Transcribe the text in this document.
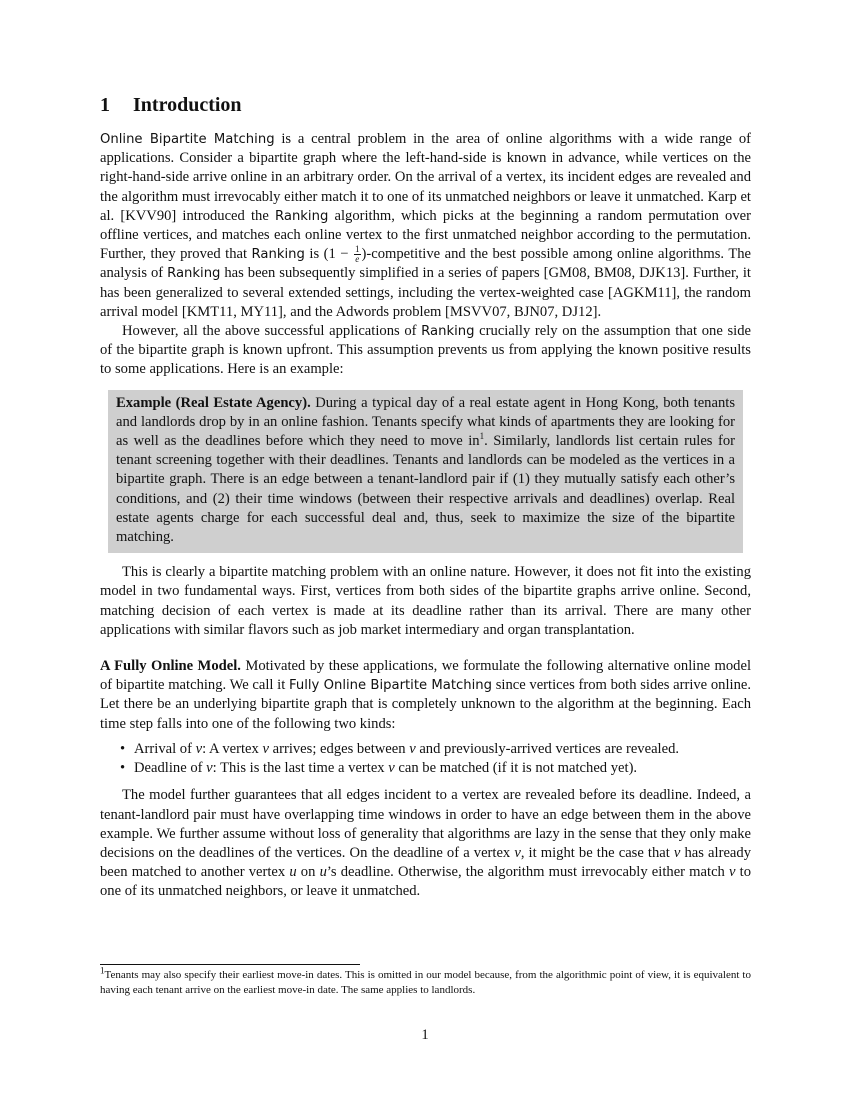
1 Introduction

Online Bipartite Matching is a central problem in the area of online algorithms with a wide range of applications. Consider a bipartite graph where the left-hand-side is known in advance, while vertices on the right-hand-side arrive online in an arbitrary order. On the arrival of a vertex, its incident edges are revealed and the algorithm must irrevocably either match it to one of its unmatched neighbors or leave it unmatched. Karp et al. [KVV90] introduced the Ranking algorithm, which picks at the beginning a random permutation over offline vertices, and matches each online vertex to the first unmatched neighbor according to the permutation. Further, they proved that Ranking is ($1 - \frac{1}{e}$ )-competitive and the best possible among online algorithms. The analysis of Ranking has been subsequently simplified in a series of papers [GM08, BM08, DJK13]. Further, it has been generalized to several extended settings, including the vertex-weighted case [AGKM11], the random arrival model [KMT11, MY11], and the Adwords problem [MSVV07, BJN07, DJ12].

However, all the above successful applications of Ranking crucially rely on the assumption that one side of the bipartite graph is known upfront. This assumption prevents us from applying the known positive results to some applications. Here is an example:

Example (Real Estate Agency). During a typical day of a real estate agent in Hong Kong, both tenants and landlords drop by in an online fashion. Tenants specify what kinds of apartments they are looking for as well as the deadlines before which they need to move $in^1$. Similarly, landlords list certain rules for tenant screening together with their deadlines. Tenants and landlords can be modeled as the vertices in a bipartite graph. There is an edge between a tenant-landlord pair if (1) they mutually satisfy each other’s conditions, and (2) their time windows (between their respective arrivals and deadlines) overlap. Real estate agents charge for each successful deal and, thus, seek to maximize the size of the bipartite matching.

This is clearly a bipartite matching problem with an online nature. However, it does not fit into the existing model in two fundamental ways. First, vertices from both sides of the bipartite graphs arrive online. Second, matching decision of each vertex is made at its deadline rather than its arrival. There are many other applications with similar flavors such as job market intermediary and organ transplantation.

A Fully Online Model. Motivated by these applications, we formulate the following alternative online model of bipartite matching. We call it Fully Online Bipartite Matching since vertices from both sides arrive online. Let there be an underlying bipartite graph that is completely unknown to the algorithm at the beginning. Each time step falls into one of the following two kinds:

• Arrival of v: A vertex v arrives; edges between v and previously-arrived vertices are revealed.
• Deadline of v: This is the last time a vertex v can be matched (if it is not matched yet).

The model further guarantees that all edges incident to a vertex are revealed before its deadline. Indeed, a tenant-landlord pair must have overlapping time windows in order to have an edge between them in the above example. We further assume without loss of generality that algorithms are lazy in the sense that they only make decisions on the deadlines of the vertices. On the deadline of a vertex v, it might be the case that v has already been matched to another vertex u on u’s deadline. Otherwise, the algorithm must irrevocably either match v to one of its unmatched neighbors, or leave it unmatched.

$^1$Tenants may also specify their earliest move-in dates. This is omitted in our model because, from the algorithmic point of view, it is equivalent to having each tenant arrive on the earliest move-in date. The same applies to landlords.
1
